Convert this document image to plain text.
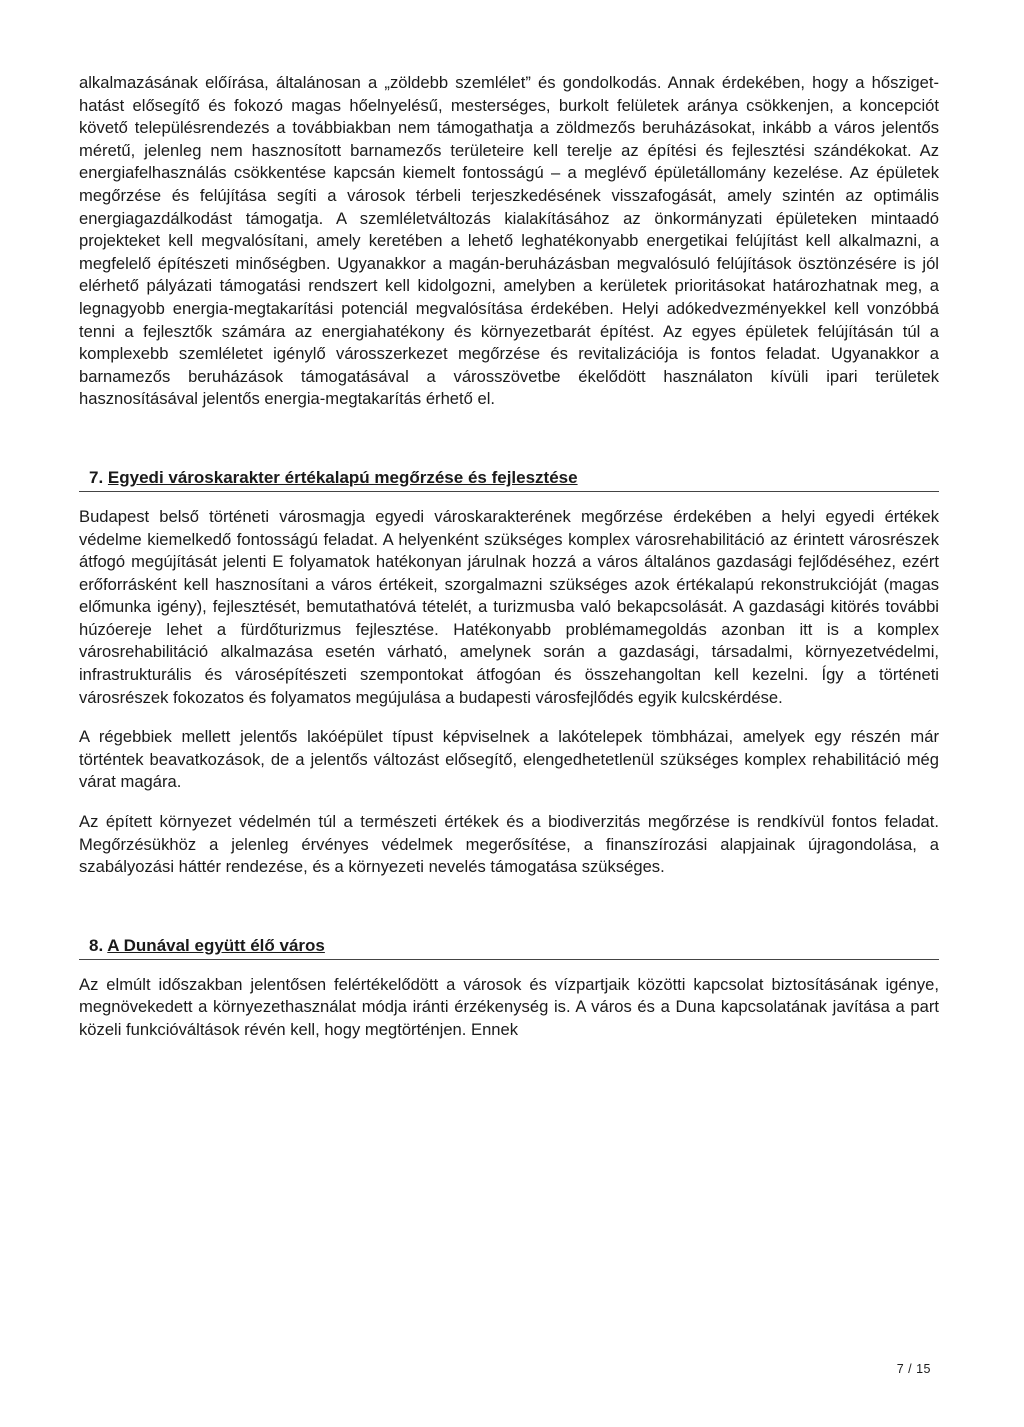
alkalmazásának előírása, általánosan a „zöldebb szemlélet” és gondolkodás. Annak érdekében, hogy a hősziget-hatást elősegítő és fokozó magas hőelnyelésű, mesterséges, burkolt felületek aránya csökkenjen, a koncepciót követő településrendezés a továbbiakban nem támogathatja a zöldmezős beruházásokat, inkább a város jelentős méretű, jelenleg nem hasznosított barnamezős területeire kell terelje az építési és fejlesztési szándékokat. Az energiafelhasználás csökkentése kapcsán kiemelt fontosságú – a meglévő épületállomány kezelése. Az épületek megőrzése és felújítása segíti a városok térbeli terjeszkedésének visszafogását, amely szintén az optimális energiagazdálkodást támogatja. A szemléletváltozás kialakításához az önkormányzati épületeken mintaadó projekteket kell megvalósítani, amely keretében a lehető leghatékonyabb energetikai felújítást kell alkalmazni, a megfelelő építészeti minőségben. Ugyanakkor a magán-beruházásban megvalósuló felújítások ösztönzésére is jól elérhető pályázati támogatási rendszert kell kidolgozni, amelyben a kerületek prioritásokat határozhatnak meg, a legnagyobb energia-megtakarítási potenciál megvalósítása érdekében. Helyi adókedvezményekkel kell vonzóbbá tenni a fejlesztők számára az energiahatékony és környezetbarát építést. Az egyes épületek felújításán túl a komplexebb szemléletet igénylő városszerkezet megőrzése és revitalizációja is fontos feladat. Ugyanakkor a barnamezős beruházások támogatásával a városszövetbe ékelődött használaton kívüli ipari területek hasznosításával jelentős energia-megtakarítás érhető el.

7. Egyedi városkarakter értékalapú megőrzése és fejlesztése

Budapest belső történeti városmagja egyedi városkarakterének megőrzése érdekében a helyi egyedi értékek védelme kiemelkedő fontosságú feladat. A helyenként szükséges komplex városrehabilitáció az érintett városrészek átfogó megújítását jelenti E folyamatok hatékonyan járulnak hozzá a város általános gazdasági fejlődéséhez, ezért erőforrásként kell hasznosítani a város értékeit, szorgalmazni szükséges azok értékalapú rekonstrukcióját (magas előmunka igény), fejlesztését, bemutathatóvá tételét, a turizmusba való bekapcsolását. A gazdasági kitörés további húzóereje lehet a fürdőturizmus fejlesztése. Hatékonyabb problémamegoldás azonban itt is a komplex városrehabilitáció alkalmazása esetén várható, amelynek során a gazdasági, társadalmi, környezetvédelmi, infrastrukturális és városépítészeti szempontokat átfogóan és összehangoltan kell kezelni. Így a történeti városrészek fokozatos és folyamatos megújulása a budapesti városfejlődés egyik kulcskérdése.

A régebbiek mellett jelentős lakóépület típust képviselnek a lakótelepek tömbházai, amelyek egy részén már történtek beavatkozások, de a jelentős változást elősegítő, elengedhetetlenül szükséges komplex rehabilitáció még várat magára.

Az épített környezet védelmén túl a természeti értékek és a biodiverzitás megőrzése is rendkívül fontos feladat. Megőrzésükhöz a jelenleg érvényes védelmek megerősítése, a finanszírozási alapjainak újragondolása, a szabályozási háttér rendezése, és a környezeti nevelés támogatása szükséges.

8. A Dunával együtt élő város

Az elmúlt időszakban jelentősen felértékelődött a városok és vízpartjaik közötti kapcsolat biztosításának igénye, megnövekedett a környezethasználat módja iránti érzékenység is. A város és a Duna kapcsolatának javítása a part közeli funkcióváltások révén kell, hogy megtörténjen. Ennek

7 / 15
